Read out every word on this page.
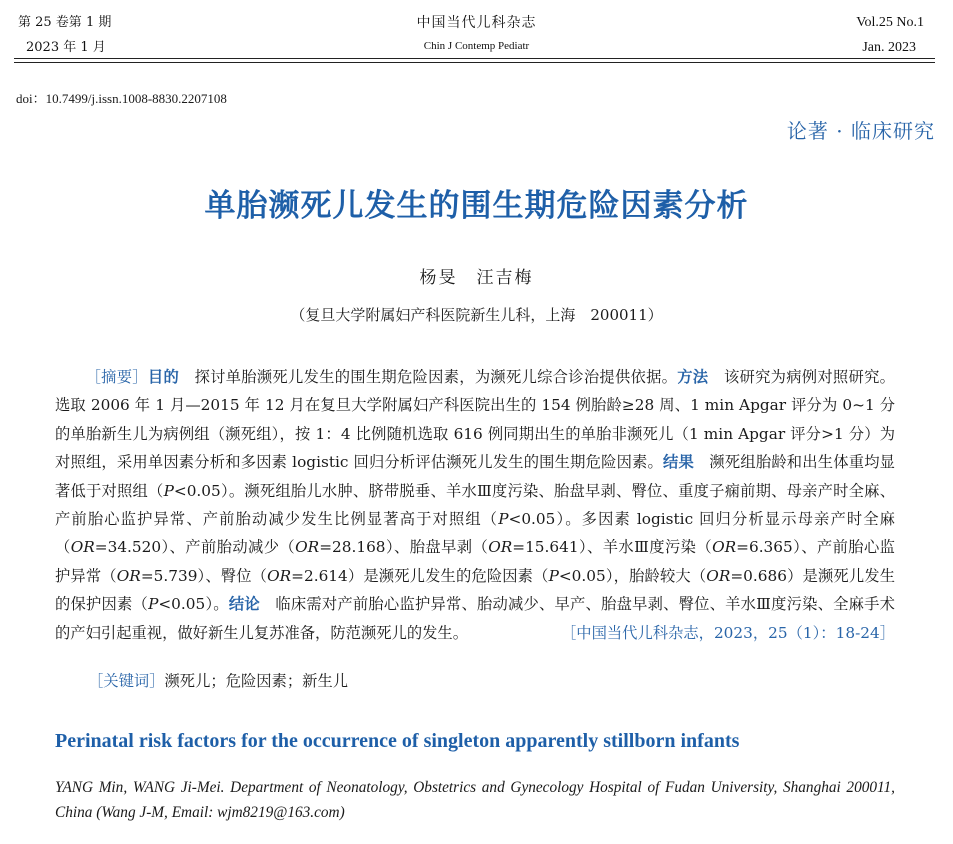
第 25 卷第 1 期
2023 年 1 月
中国当代儿科杂志
Chin J Contemp Pediatr
Vol.25 No.1
Jan. 2023
doi：10.7499/j.issn.1008-8830.2207108
论著 · 临床研究
单胎濒死儿发生的围生期危险因素分析
杨旻　汪吉梅
（复旦大学附属妇产科医院新生儿科，上海　200011）
［摘要］目的　探讨单胎濒死儿发生的围生期危险因素，为濒死儿综合诊治提供依据。方法　该研究为病例对照研究。选取 2006 年 1 月—2015 年 12 月在复旦大学附属妇产科医院出生的 154 例胎龄≥28 周、1 min Apgar 评分为 0~1 分的单胎新生儿为病例组（濒死组），按 1：4 比例随机选取 616 例同期出生的单胎非濒死儿（1 min Apgar 评分>1 分）为对照组，采用单因素分析和多因素 logistic 回归分析评估濒死儿发生的围生期危险因素。结果　濒死组胎龄和出生体重均显著低于对照组（P<0.05）。濒死组胎儿水肿、脐带脱垂、羊水Ⅲ度污染、胎盘早剥、臀位、重度子痫前期、母亲产时全麻、产前胎心监护异常、产前胎动减少发生比例显著高于对照组（P<0.05）。多因素 logistic 回归分析显示母亲产时全麻（OR=34.520）、产前胎动减少（OR=28.168）、胎盘早剥（OR=15.641）、羊水Ⅲ度污染（OR=6.365）、产前胎心监护异常（OR=5.739）、臀位（OR=2.614）是濒死儿发生的危险因素（P<0.05），胎龄较大（OR=0.686）是濒死儿发生的保护因素（P<0.05）。结论　临床需对产前胎心监护异常、胎动减少、早产、胎盘早剥、臀位、羊水Ⅲ度污染、全麻手术的产妇引起重视，做好新生儿复苏准备，防范濒死儿的发生。	［中国当代儿科杂志，2023，25（1）：18-24］
［关键词］濒死儿；危险因素；新生儿
Perinatal risk factors for the occurrence of singleton apparently stillborn infants
YANG Min, WANG Ji-Mei. Department of Neonatology, Obstetrics and Gynecology Hospital of Fudan University, Shanghai 200011, China (Wang J-M, Email: wjm8219@163.com)
